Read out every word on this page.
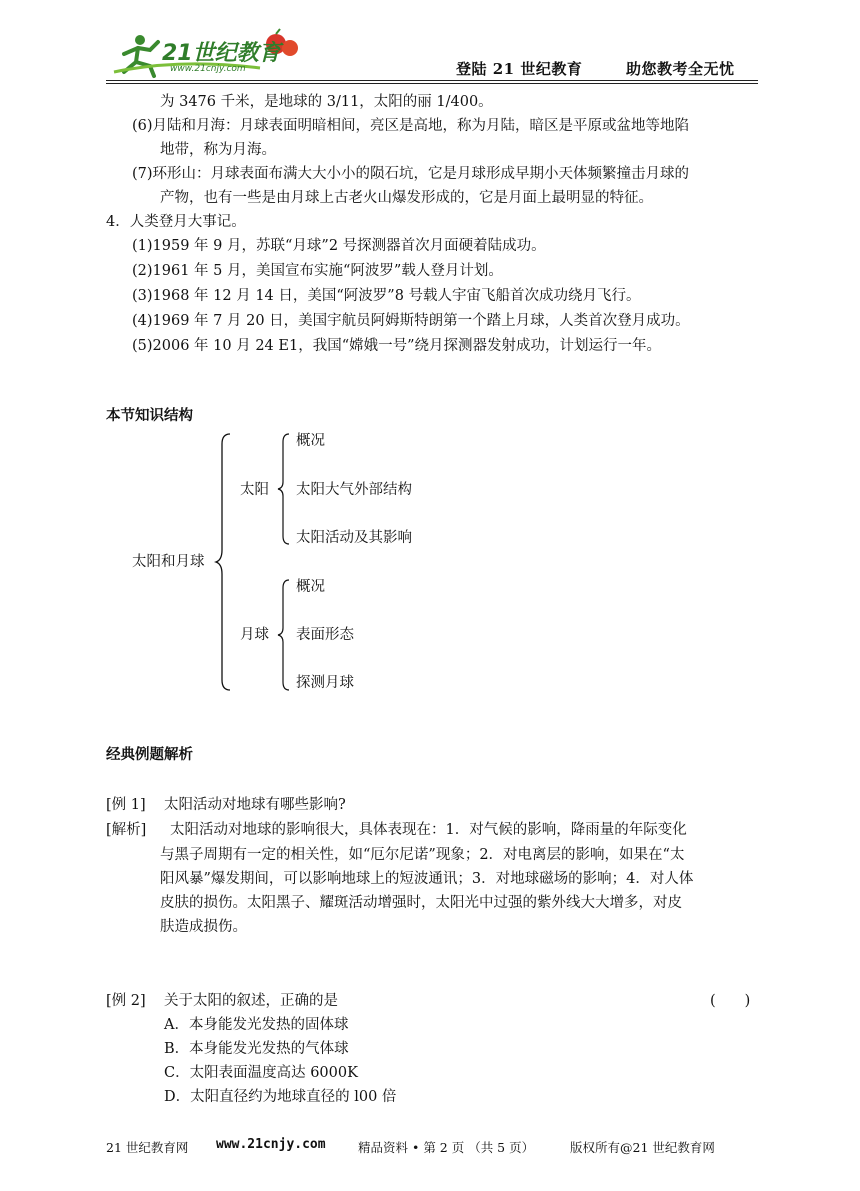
21世纪教育
www.21cnjy.com	登陆 21 世纪教育	助您教考全无忧
为 3476 千米，是地球的 3/11，太阳的丽 1/400。
(6)月陆和月海：月球表面明暗相间，亮区是高地，称为月陆，暗区是平原或盆地等地陷
地带，称为月海。
(7)环形山：月球表面布满大大小小的陨石坑，它是月球形成早期小天体频繁撞击月球的
产物，也有一些是由月球上古老火山爆发形成的，它是月面上最明显的特征。
4．人类登月大事记。
(1)1959 年 9 月，苏联“月球”2 号探测器首次月面硬着陆成功。
(2)1961 年 5 月，美国宣布实施“阿波罗”载人登月计划。
(3)1968 年 12 月 14 日，美国“阿波罗”8 号载人宇宙飞船首次成功绕月飞行。
(4)1969 年 7 月 20 日，美国宇航员阿姆斯特朗第一个踏上月球，人类首次登月成功。
(5)2006 年 10 月 24 E1，我国“嫦娥一号”绕月探测器发射成功，计划运行一年。
本节知识结构
太阳和月球
太阳
概况
太阳大气外部结构
太阳活动及其影响
月球
概况
表面形态
探测月球
经典例题解析
[例 1] 太阳活动对地球有哪些影响?
[解析] 太阳活动对地球的影响很大，具体表现在：1．对气候的影响，降雨量的年际变化
与黑子周期有一定的相关性，如“厄尔尼诺”现象；2．对电离层的影响，如果在“太
阳风暴”爆发期间，可以影响地球上的短波通讯；3．对地球磁场的影响；4．对人体
皮肤的损伤。太阳黑子、耀斑活动增强时，太阳光中过强的紫外线大大增多，对皮
肤造成损伤。
[例 2] 关于太阳的叙述，正确的是	(　　)
A．本身能发光发热的固体球
B．本身能发光发热的气体球
C．太阳表面温度高达 6000K
D．太阳直径约为地球直径的 l00 倍
21 世纪教育网 www.21cnjy.com	精品资料 • 第 2 页 （共 5 页）	版权所有@21 世纪教育网
